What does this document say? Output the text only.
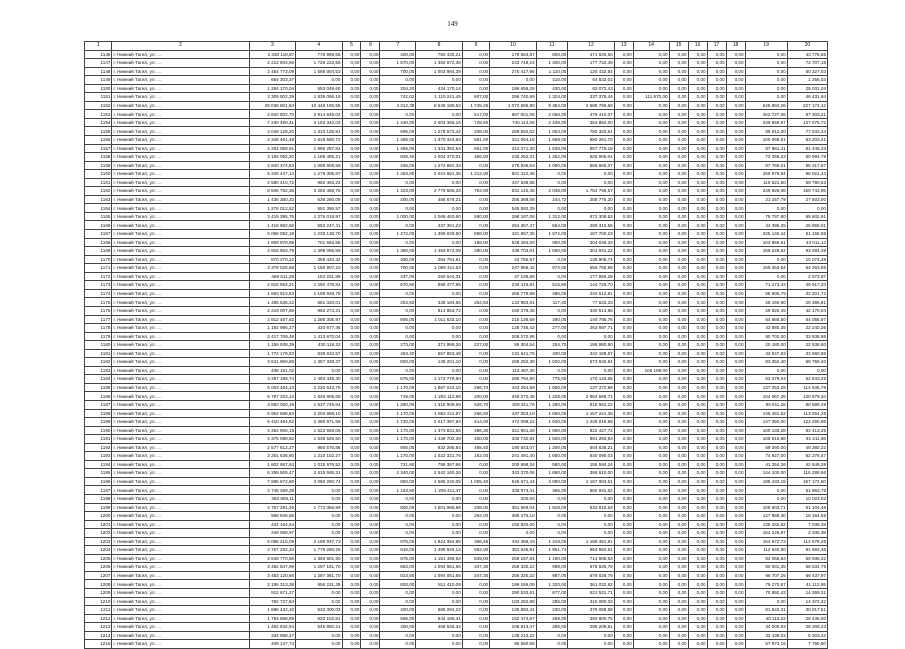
149
1	2	3	4	5	6	7	8	9	10	11	12	13	14	15	16	17	18	19	20
1146	г. Нижний Тагил, ул. …	2 330 119,87	776 999,66	0,00	0,00	400,00	750 430,21	0,00	178 664,87	600,00	471 826,60	0,00	0,00	0,00	0,00	0,00	0,00	0,00	43 776,65
1147	г. Нижний Тагил, ул. …	2 212 604,56	1 726 222,56	0,00	0,00	1 570,00	1 363 872,36	0,00	243 748,24	1 400,00	177 722,49	0,00	0,00	0,00	0,00	0,00	0,00	0,00	72 707,18
1148	г. Нижний Тагил, ул. …	2 454 773,09	1 595 004,53	0,00	0,00	700,00	1 003 984,39	0,00	275 417,96	1 110,00	120 432,64	0,00	0,00	0,00	0,00	0,00	0,00	0,00	50 327,03
1149	г. Нижний Тагил, ул. …	664 303,37	0,00	0,00	0,00	0,00	0,00	0,00	0,00	410,00	64 832,02	0,00	0,00	0,00	0,00	0,00	0,00	0,00	1 256,03
1150	г. Нижний Тагил, ул. …	1 284 170,04	553 049,60	0,00	0,00	204,20	434 170,14	0,00	199 656,28	430,00	63 072,43	0,00	0,00	0,00	0,00	0,00	0,00	0,00	25 031,04
1151	г. Нижний Тагил, ул. …	2 309 502,39	1 839 066,19	0,00	0,00	742,02	1 110 241,45	607,00	296 740,99	1 324,00	337 378,44	0,00	111 670,00	0,00	0,00	0,00	0,00	0,00	46 431,94
1152	г. Нижний Тагил, ул. …	28 038 801,84	10 448 165,55	0,00	0,00	4 312,38	8 646 165,52	1 745,26	1 072 695,90	9 384,00	2 688 796,66	0,00	0,00	0,00	0,00	0,00	0,00	645 984,26	227 174,12
1153	г. Нижний Тагил, ул. …	4 820 502,70	2 914 649,02	0,00	0,00	0,00	0,00	517,00	987 001,05	2 056,00	479 410,07	0,00	0,00	0,00	0,00	0,00	0,00	262 727,06	87 303,21
1154	г. Нижний Тагил, ул. …	7 230 490,41	3 153 342,03	0,00	0,00	1 430,00	2 003 365,16	728,50	740 114,06	2 438,00	354 882,00	0,00	0,00	0,00	0,00	0,00	0,00	239 659,57	137 075,72
1155	г. Нижний Тагил, ул. …	4 049 126,20	1 310 125,91	0,00	0,00	695,00	1 278 573,42	208,00	299 562,02	1 064,00	790 320,61	0,00	0,00	0,00	0,00	0,00	0,00	89 912,00	77 632,24
1156	г. Нижний Тагил, ул. …	4 345 461,49	1 618 590,72	0,00	0,00	1 456,00	1 370 343,84	661,00	321 064,15	1 658,00	850 261,70	0,00	0,00	0,00	0,00	0,00	0,00	100 068,51	83 203,21
1157	г. Нижний Тагил, ул. …	4 251 059,91	1 996 297,82	0,00	0,00	1 456,00	1 341 352,54	661,00	314 271,30	1 538,00	857 775,18	0,00	0,00	0,00	0,00	0,00	0,00	97 961,41	81 445,33
1158	г. Нижний Тагил, ул. …	3 184 092,20	1 186 495,21	0,00	0,00	838,40	1 004 370,01	456,00	235 262,31	1 252,00	625 906,04	0,00	0,00	0,00	0,00	0,00	0,00	73 358,33	60 994,79
1159	г. Нижний Тагил, ул. …	2 940 374,83	1 095 608,58	0,00	0,00	436,00	1 274 862,33	0,00	278 936,63	1 090,00	569 665,07	0,00	0,00	0,00	0,00	0,00	0,00	67 765,01	56 317,67
1160	г. Нижний Тагил, ул. …	5 226 447,14	1 279 306,87	0,00	0,00	1 453,60	2 021 661,36	1 212,00	601 422,36	0,00	0,00	0,00	0,00	0,00	0,00	0,00	0,00	256 875,84	98 021,44
1161	г. Нижний Тагил, ул. …	2 580 410,72	962 493,23	0,00	0,00	0,00	0,00	0,00	447 638,95	0,00	0,00	0,00	0,00	0,00	0,00	0,00	0,00	116 521,60	59 790,63
1162	г. Нижний Тагил, ул. …	8 846 752,36	3 282 468,78	0,00	0,00	1 423,00	2 779 565,33	704,00	631 142,46	2 038,00	1 754 795,57	0,00	0,00	0,00	0,00	0,00	0,00	249 926,06	169 743,95
1163	г. Нижний Тагил, ул. …	1 436 380,33	536 260,09	0,00	0,00	400,00	456 676,21	0,00	385 368,08	244,72	258 775,20	0,00	0,00	0,00	0,00	0,00	0,00	21 157,79	27 503,00
1164	г. Нижний Тагил, ул. …	1 276 012,52	591 396,57	0,00	0,00	0,00	0,00	0,00	545 593,39	0,00	0,00	0,00	0,00	0,00	0,00	0,00	0,00	0,00	0,00
1165	г. Нижний Тагил, ул. …	3 419 395,76	1 275 018,97	0,00	0,00	1 000,00	1 069 463,60	560,00	298 187,06	1 312,00	672 308,62	0,00	0,00	0,00	0,00	0,00	0,00	78 797,80	65 602,91
1166	г. Нижний Тагил, ул. …	1 418 982,66	552 247,41	0,00	0,00	0,00	437 361,23	0,00	264 367,47	564,00	289 315,56	0,00	0,00	0,00	0,00	0,00	0,00	34 395,25	28 659,01
1167	г. Нижний Тагил, ул. …	6 069 092,18	1 230 138,70	0,00	0,00	1 472,00	1 359 029,90	808,00	421 867,35	1 972,00	187 700,23	0,00	0,00	0,00	0,00	0,00	0,00	225 140,44	51 156,55
1168	г. Нижний Тагил, ул. …	1 909 978,88	701 594,56	0,00	0,00	0,00	0,00	188,00	528 494,00	960,00	304 048,33	0,00	0,00	0,00	0,00	0,00	0,00	103 866,51	43 011,14
1169	г. Нижний Тагил, ул. …	4 915 953,79	1 398 095,58	0,00	0,00	1 380,00	1 453 872,08	280,00	439 703,61	1 690,00	301 931,22	0,00	0,00	0,00	0,00	0,00	0,00	156 228,52	93 284,39
1170	г. Нижний Тагил, ул. …	870 370,22	355 420,42	0,00	0,00	490,00	284 791,91	0,00	43 755,97	0,00	136 906,74	0,00	0,00	0,00	0,00	0,00	0,00	0,00	10 074,38
1171	г. Нижний Тагил, ул. …	3 378 025,88	1 150 907,23	0,00	0,00	700,00	1 058 411,63	0,00	247 986,42	972,00	656 755,99	0,00	0,00	0,00	0,00	0,00	0,00	159 353,84	64 263,85
1172	г. Нижний Тагил, ул. …	469 611,28	154 231,89	0,00	0,00	437,00	260 644,31	0,00	47 139,88	0,00	177 856,28	0,00	0,00	0,00	0,00	0,00	0,00	0,00	2 573,97
1173	г. Нижний Тагил, ул. …	2 616 554,21	1 250 478,82	0,00	0,00	670,50	885 477,95	0,00	236 416,81	515,80	144 725,70	0,00	0,00	0,00	0,00	0,00	0,00	71 173,44	49 917,20
1174	г. Нижний Тагил, ул. …	1 693 912,63	1 199 828,76	0,00	0,00	0,00	0,00	0,00	256 778,89	490,00	240 512,81	0,00	0,00	0,00	0,00	0,00	0,00	58 805,79	32 201,72
1175	г. Нижний Тагил, ул. …	1 485 636,22	681 320,01	0,00	0,00	254,50	335 184,56	254,50	134 983,91	117,40	77 643,33	0,00	0,00	0,00	0,00	0,00	0,00	28 160,90	28 386,81
1176	г. Нижний Тагил, ул. …	2 219 007,86	962 273,31	0,00	0,00	0,00	814 853,72	0,00	160 376,46	0,00	330 513,88	0,00	0,00	0,00	0,00	0,00	0,00	29 820,45	42 170,04
1177	г. Нижний Тагил, ул. …	2 812 487,82	1 288 305,97	0,00	0,00	606,00	1 011 633,10	0,00	215 136,59	480,00	140 785,76	0,00	0,00	0,00	0,00	0,00	0,00	54 660,50	54 056,97
1178	г. Нижний Тагил, ул. …	1 192 996,27	434 677,36	0,00	0,00	0,00	0,00	0,00	128 748,42	277,00	263 697,71	0,00	0,00	0,00	0,00	0,00	0,00	43 880,35	22 240,26
1179	г. Нижний Тагил, ул. …	3 417 709,48	1 413 670,04	0,00	0,00	0,00	0,00	0,00	208 272,96	0,00	0,00	0,00	0,00	0,00	0,00	0,00	0,00	90 702,00	33 838,86
1180	г. Нижний Тагил, ул. …	1 156 938,39	430 119,32	0,00	0,00	273,00	371 989,26	227,00	86 304,54	254,70	198 980,90	0,00	0,00	0,00	0,00	0,00	0,00	20 180,00	22 538,60
1181	г. Нижний Тагил, ул. …	1 772 179,83	638 810,57	0,00	0,00	463,40	557 853,48	0,00	131 641,75	400,00	342 189,87	0,00	0,00	0,00	0,00	0,00	0,00	42 047,83	33 860,86
1182	г. Нижний Тагил, ул. …	3 641 960,89	1 357 338,37	0,00	0,00	600,00	149 201,10	0,00	269 252,38	1 020,00	573 846,84	0,00	0,00	0,00	0,00	0,00	0,00	83 352,40	69 756,40
1183	г. Нижний Тагил, ул. …	438 161,02	0,00	0,00	0,00	0,00	0,00	0,00	113 487,30	0,00	0,00	0,00	106 188,00	0,00	0,00	0,00	0,00	0,00	0,00
1184	г. Нижний Тагил, ул. …	3 287 188,74	1 493 448,30	0,00	0,00	676,00	1 172 776,60	0,00	295 794,90	775,00	170 143,65	0,00	0,00	0,00	0,00	0,00	0,00	62 379,04	62 843,25
1185	г. Нижний Тагил, ул. …	6 003 484,13	2 220 643,76	0,00	0,00	1 170,00	1 887 042,10	266,70	443 254,59	1 650,00	137 372,98	0,00	0,00	0,00	0,00	0,00	0,00	137 253,29	114 635,76
1186	г. Нижний Тагил, ул. …	6 787 203,14	1 848 805,69	0,00	0,00	715,00	1 283 112,99	200,00	349 270,45	1 228,00	2 954 668,71	0,00	0,00	0,00	0,00	0,00	0,00	104 667,36	130 679,34
1187	г. Нижний Тагил, ул. …	3 882 050,18	1 537 749,64	0,00	0,00	1 260,00	1 318 909,69	626,70	309 911,76	1 260,00	818 562,22	0,00	0,00	0,00	0,00	0,00	0,00	96 811,26	80 889,49
1188	г. Нижний Тагил, ул. …	5 952 588,84	2 203 868,10	0,00	0,00	1 170,00	1 862 211,97	266,60	437 053,10	1 650,00	1 157 241,36	0,00	0,00	0,00	0,00	0,00	0,00	136 461,52	113 254,29
1189	г. Нижний Тагил, ул. …	6 410 464,62	2 380 871,59	0,00	0,00	1 720,00	2 017 397,94	414,00	472 098,22	1 630,00	1 228 016,99	0,00	0,00	0,00	0,00	0,00	0,00	147 350,00	122 290,89
1190	г. Нижний Тагил, ул. …	4 354 906,18	1 622 659,06	0,00	0,00	1 170,00	1 373 831,56	486,30	321 801,28	1 560,00	822 427,72	0,00	0,00	0,00	0,00	0,00	0,00	100 133,28	83 413,25
1191	г. Нижний Тагил, ул. …	4 375 098,82	1 639 525,50	0,00	0,00	1 170,00	1 438 702,39	400,00	336 730,84	1 500,00	891 293,93	0,00	0,00	0,00	0,00	0,00	0,00	108 616,68	91 211,68
1192	г. Нижний Тагил, ул. …	2 577 812,27	960 575,88	0,00	0,00	900,00	832 295,84	485,40	190 543,07	1 200,00	504 635,21	0,00	0,00	0,00	0,00	0,00	0,00	59 390,00	49 380,32
1193	г. Нижний Тагил, ул. …	3 251 635,80	1 210 102,27	0,00	0,00	1 170,00	1 022 331,76	162,00	241 491,40	1 650,00	640 095,03	0,00	0,00	0,00	0,00	0,00	0,00	74 927,00	62 276,47
1194	г. Нижний Тагил, ул. …	1 802 657,63	1 015 976,52	0,00	0,00	721,80	798 367,86	0,00	200 998,34	580,00	155 594,24	0,00	0,00	0,00	0,00	0,00	0,00	41 354,36	42 648,29
1195	г. Нижний Тагил, ул. …	6 255 505,47	2 615 595,31	0,00	0,00	2 340,00	2 542 160,26	0,00	343 370,06	1 680,00	386 610,00	0,00	0,00	0,00	0,00	0,00	0,00	144 100,00	116 289,66
1196	г. Нижний Тагил, ул. …	7 695 672,86	3 060 280,74	0,00	0,00	850,00	2 586 240,05	1 005,40	545 671,44	3 090,00	1 187 903,61	0,00	0,00	0,00	0,00	0,00	0,00	188 433,15	157 172,60
1197	г. Нижний Тагил, ул. …	2 745 359,28	0,00	0,00	0,00	1 163,60	1 209 411,47	0,00	336 973,41	365,00	880 931,62	0,00	0,00	0,00	0,00	0,00	0,00	0,00	51 963,78
1198	г. Нижний Тагил, ул. …	383 806,11	0,00	0,00	0,00	0,00	0,00	0,00	200,00	0,00	0,00	0,00	0,00	0,00	0,00	0,00	0,00	0,00	10 023,02
1199	г. Нижний Тагил, ул. …	4 757 291,26	1 773 356,99	0,00	0,00	800,00	1 501 986,99	208,00	351 669,04	1 918,00	833 818,63	0,00	0,00	0,00	0,00	0,00	0,00	109 803,71	91 104,46
1200	г. Нижний Тагил, ул. …	968 946,55	0,00	0,00	0,00	0,00	0,00	262,00	386 475,10	0,00	0,00	0,00	0,00	0,00	0,00	0,00	0,00	127 888,30	18 164,59
1201	г. Нижний Тагил, ул. …	434 164,54	0,00	0,00	0,00	0,00	0,00	0,00	155 830,00	0,00	0,00	0,00	0,00	0,00	0,00	0,00	0,00	135 332,82	7 036,39
1202	г. Нижний Тагил, ул. …	249 068,57	0,00	0,00	0,00	0,00	0,00	0,00	0,00	0,00	0,00	0,00	0,00	0,00	0,00	0,00	0,00	154 226,87	2 345,38
1203	г. Нижний Тагил, ул. …	5 096 216,09	2 189 937,73	0,00	0,00	976,00	1 824 354,89	366,45	434 458,43	1 419,00	1 199 451,91	0,00	0,00	0,00	0,00	0,00	0,00	154 672,73	112 578,28
1204	г. Нижний Тагил, ул. …	4 767 292,34	1 775 280,26	0,00	0,00	816,00	1 499 926,14	652,00	351 626,91	1 951,74	964 650,61	0,00	0,00	0,00	0,00	0,00	0,00	112 640,50	91 693,36
1205	г. Нижний Тагил, ул. …	3 649 770,56	1 360 601,90	0,00	0,00	975,00	1 151 499,92	849,00	269 187,84	1 190,00	714 906,63	0,00	0,00	0,00	0,00	0,00	0,00	84 066,84	69 938,32
1206	г. Нижний Тагил, ул. …	3 482 547,99	1 297 181,70	0,00	0,00	663,00	1 094 651,66	347,30	256 330,22	998,00	678 825,79	0,00	0,00	0,00	0,00	0,00	0,00	80 001,35	66 534,79
1207	г. Нижний Тагил, ул. …	3 483 120,66	1 297 381,70	0,00	0,00	823,50	1 094 051,66	347,30	256 330,22	987,00	678 026,79	0,00	0,00	0,00	0,00	0,00	0,00	95 707,26	66 437,97
1208	г. Нижний Тагил, ул. …	2 195 313,38	856 231,35	0,00	0,00	600,00	811 410,09	0,00	199 166,09	1 320,00	361 032,82	0,00	0,00	0,00	0,00	0,00	0,00	79 270,67	41 112,95
1209	г. Нижний Тагил, ул. …	812 671,27	0,00	0,00	0,00	0,00	0,00	0,00	290 533,91	677,00	521 531,71	0,00	0,00	0,00	0,00	0,00	0,00	70 892,42	14 369,31
1210	г. Нижний Тагил, ул. …	782 727,84	0,00	0,00	0,00	0,00	0,00	0,00	103 262,88	285,00	315 080,03	0,00	0,00	0,00	0,00	0,00	0,00	0,00	14 372,32
1211	г. Нижний Тагил, ул. …	1 686 432,10	532 300,03	0,00	0,00	400,00	666 294,22	0,00	135 892,41	230,00	376 088,59	0,00	0,00	0,00	0,00	0,00	0,00	61 542,31	30 017,51
1212	г. Нижний Тагил, ул. …	1 794 698,89	620 102,81	0,00	0,00	595,00	644 185,41	0,00	162 474,87	259,00	392 800,75	0,00	0,00	0,00	0,00	0,00	0,00	40 113,22	28 436,60
1213	г. Нижний Тагил, ул. …	1 462 642,54	545 850,21	0,00	0,00	400,00	458 645,34	0,00	105 813,47	266,00	295 209,81	0,00	0,00	0,00	0,00	0,00	0,00	34 000,83	28 309,23
1214	г. Нижний Тагил, ул. …	334 988,47	0,00	0,00	0,00	0,00	0,00	0,00	138 213,22	0,00	0,00	0,00	0,00	0,00	0,00	0,00	0,00	33 436,02	6 303,22
1215	г. Нижний Тагил, ул. …	409 147,74	0,00	0,00	0,00	0,00	0,00	0,00	95 580,56	0,00	0,00	0,00	0,00	0,00	0,00	0,00	0,00	57 873,16	7 790,50
